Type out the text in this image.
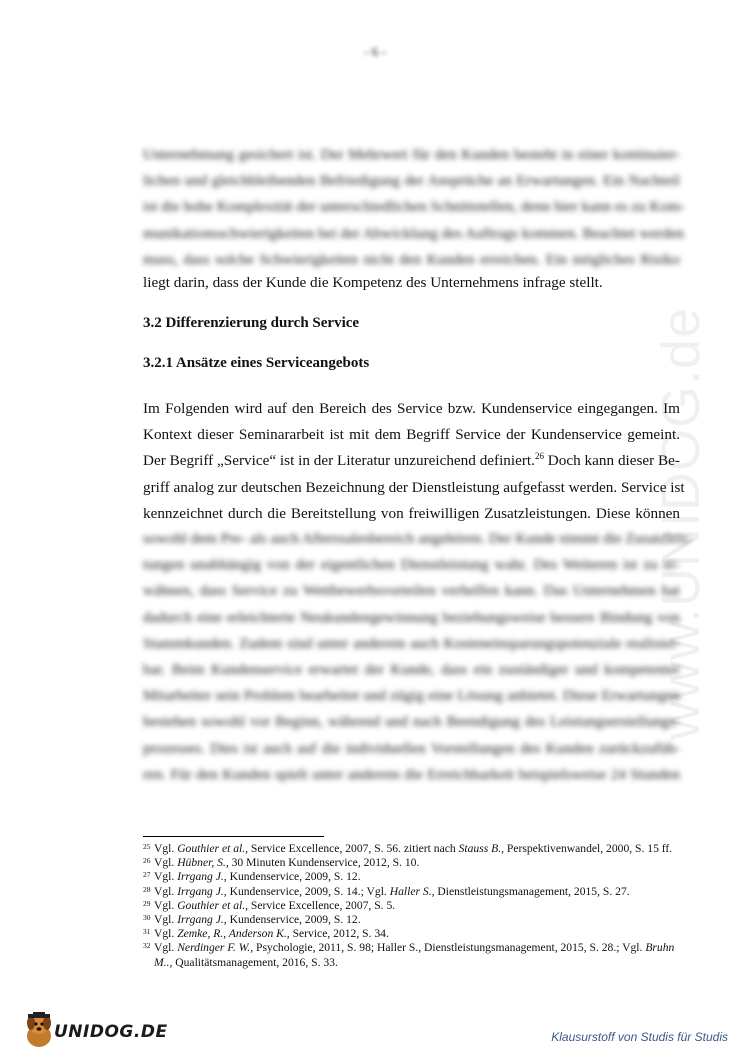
- 6 -
www.UNIDOG.de
Unternehmung gesichert ist. Der Mehrwert für den Kunden besteht in einer kontinuier-
lichen und gleichbleibenden Befriedigung der Ansprüche an Erwartungen. Ein Nachteil
ist die hohe Komplexität der unterschiedlichen Schnittstellen, denn hier kann es zu Kom-
munikationsschwierigkeiten bei der Abwicklung des Auftrags kommen. Beachtet werden
muss, dass solche Schwierigkeiten nicht den Kunden erreichen. Ein mögliches Risiko
liegt darin, dass der Kunde die Kompetenz des Unternehmens infrage stellt.
3.2 Differenzierung durch Service
3.2.1 Ansätze eines Serviceangebots
Im Folgenden wird auf den Bereich des Service bzw. Kundenservice eingegangen. Im
Kontext dieser Seminararbeit ist mit dem Begriff Service der Kundenservice gemeint.
Der Begriff „Service“ ist in der Literatur unzureichend definiert.$^{26}$ Doch kann dieser Be-
griff analog zur deutschen Bezeichnung der Dienstleistung aufgefasst werden. Service ist
kennzeichnet durch die Bereitstellung von freiwilligen Zusatzleistungen. Diese können
sowohl dem Pre- als auch Afterssalesbereich angehören. Der Kunde nimmt die Zusatzleis-
tungen unabhängig von der eigentlichen Dienstleistung wahr. Des Weiteren ist zu er-
wähnen, dass Service zu Wettbewerbsvorteilen verhelfen kann. Das Unternehmen hat
dadurch eine erleichterte Neukundengewinnung beziehungsweise bessere Bindung von
Stammkunden. Zudem sind unter anderem auch Kosteneinsparungspotenziale realisier-
bar. Beim Kundenservice erwartet der Kunde, dass ein zuständiger und kompetenter
Mitarbeiter sein Problem bearbeitet und zügig eine Lösung anbietet. Diese Erwartungen
bestehen sowohl vor Beginn, während und nach Beendigung des Leistungserstellungs-
prozesses. Dies ist auch auf die individuellen Vorstellungen des Kunden zurückzufüh-
ren. Für den Kunden spielt unter anderem die Erreichbarkeit beispielsweise 24 Stunden
25 Vgl. Gouthier et al., Service Excellence, 2007, S. 56. zitiert nach Stauss B., Perspektivenwandel, 2000, S. 15 ff.
26 Vgl. Hübner, S., 30 Minuten Kundenservice, 2012, S. 10.
27 Vgl. Irrgang J., Kundenservice, 2009, S. 12.
28 Vgl. Irrgang J., Kundenservice, 2009, S. 14.; Vgl. Haller S., Dienstleistungsmanagement, 2015, S. 27.
29 Vgl. Gouthier et al., Service Excellence, 2007, S. 5.
30 Vgl. Irrgang J., Kundenservice, 2009, S. 12.
31 Vgl. Zemke, R., Anderson K., Service, 2012, S. 34.
32 Vgl. Nerdinger F. W., Psychologie, 2011, S. 98; Haller S., Dienstleistungsmanagement, 2015, S. 28.; Vgl. Bruhn M.., Qualitätsmanagement, 2016, S. 33.
UNIDOG.DE	Klausurstoff von Studis für Studis
